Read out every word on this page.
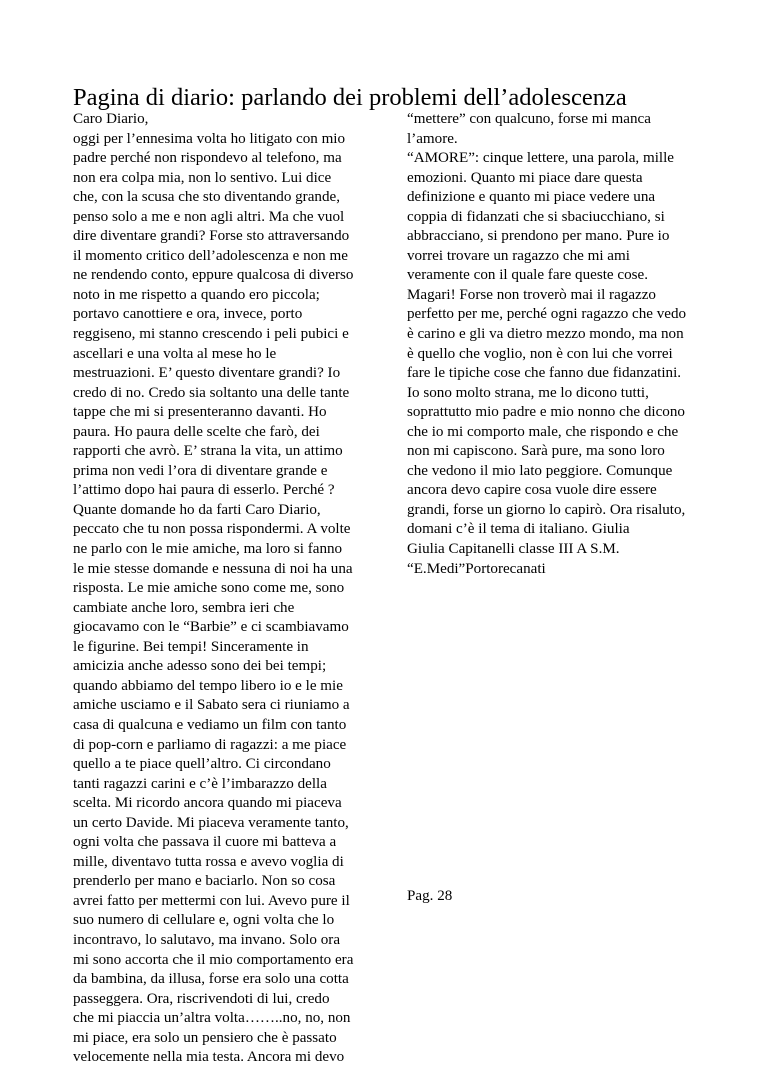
Pagina di diario: parlando dei problemi dell’adolescenza
Caro Diario,
oggi per l’ennesima volta ho litigato con mio
padre perché non rispondevo al telefono, ma
non era colpa mia, non lo sentivo. Lui dice
che, con la scusa che sto diventando grande,
penso solo a me e non agli altri. Ma che vuol
dire diventare grandi? Forse sto attraversando
il momento critico dell’adolescenza e non me
ne rendendo conto, eppure qualcosa di diverso
noto in me rispetto a quando ero piccola;
portavo canottiere e ora, invece, porto
reggiseno, mi stanno crescendo i peli pubici e
ascellari e una volta al mese ho le
mestruazioni. E’ questo diventare grandi? Io
credo di no. Credo sia soltanto una delle tante
tappe che mi si presenteranno davanti. Ho
paura. Ho paura delle scelte che farò, dei
rapporti che avrò. E’ strana la vita, un attimo
prima non vedi l’ora di diventare grande e
l’attimo dopo hai paura di esserlo. Perché ?
Quante domande ho da farti Caro Diario,
peccato che tu non possa rispondermi. A volte
ne parlo con le mie amiche, ma loro si fanno
le mie stesse domande e nessuna di noi ha una
risposta. Le mie amiche sono come me, sono
cambiate anche loro, sembra ieri che
giocavamo con le “Barbie” e ci scambiavamo
le figurine. Bei tempi! Sinceramente in
amicizia anche adesso sono dei bei tempi;
quando abbiamo del tempo libero io e le mie
amiche usciamo e il Sabato sera ci riuniamo a
casa di qualcuna e vediamo un film con tanto
di pop-corn e parliamo di ragazzi: a me piace
quello a te piace quell’altro. Ci circondano
tanti ragazzi carini e c’è l’imbarazzo della
scelta. Mi ricordo ancora quando mi piaceva
un certo Davide. Mi piaceva veramente tanto,
ogni volta che passava il cuore mi batteva a
mille, diventavo tutta rossa e avevo voglia di
prenderlo per mano e baciarlo. Non so cosa
avrei fatto per mettermi con lui. Avevo pure il
suo numero di cellulare e, ogni volta che lo
incontravo, lo salutavo, ma invano. Solo ora
mi sono accorta che il mio comportamento era
da bambina, da illusa, forse era solo una cotta
passeggera. Ora, riscrivendoti di lui, credo
che mi piaccia un’altra volta……..no, no, non
mi piace, era solo un pensiero che è passato
velocemente nella mia testa. Ancora mi devo
“mettere” con qualcuno, forse mi manca
l’amore.
“AMORE”: cinque lettere, una parola, mille
emozioni. Quanto mi piace dare questa
definizione e quanto mi piace vedere una
coppia di fidanzati che si sbaciucchiano, si
abbracciano, si prendono per mano. Pure io
vorrei trovare un ragazzo che mi ami
veramente con il quale fare queste cose.
Magari! Forse non troverò mai il ragazzo
perfetto per me, perché ogni ragazzo che vedo
è carino e gli va dietro mezzo mondo, ma non
è quello che voglio, non è con lui che vorrei
fare le tipiche cose che fanno due fidanzatini.
Io sono molto strana, me lo dicono tutti,
soprattutto mio padre e mio nonno che dicono
che io mi comporto male, che rispondo e che
non mi capiscono. Sarà pure, ma sono loro
che vedono il mio lato peggiore. Comunque
ancora devo capire cosa vuole dire essere
grandi, forse un giorno lo capirò. Ora risaluto,
domani c’è il tema di italiano. Giulia
Giulia Capitanelli classe III A S.M.
“E.Medi”Portorecanati
Pag. 28
